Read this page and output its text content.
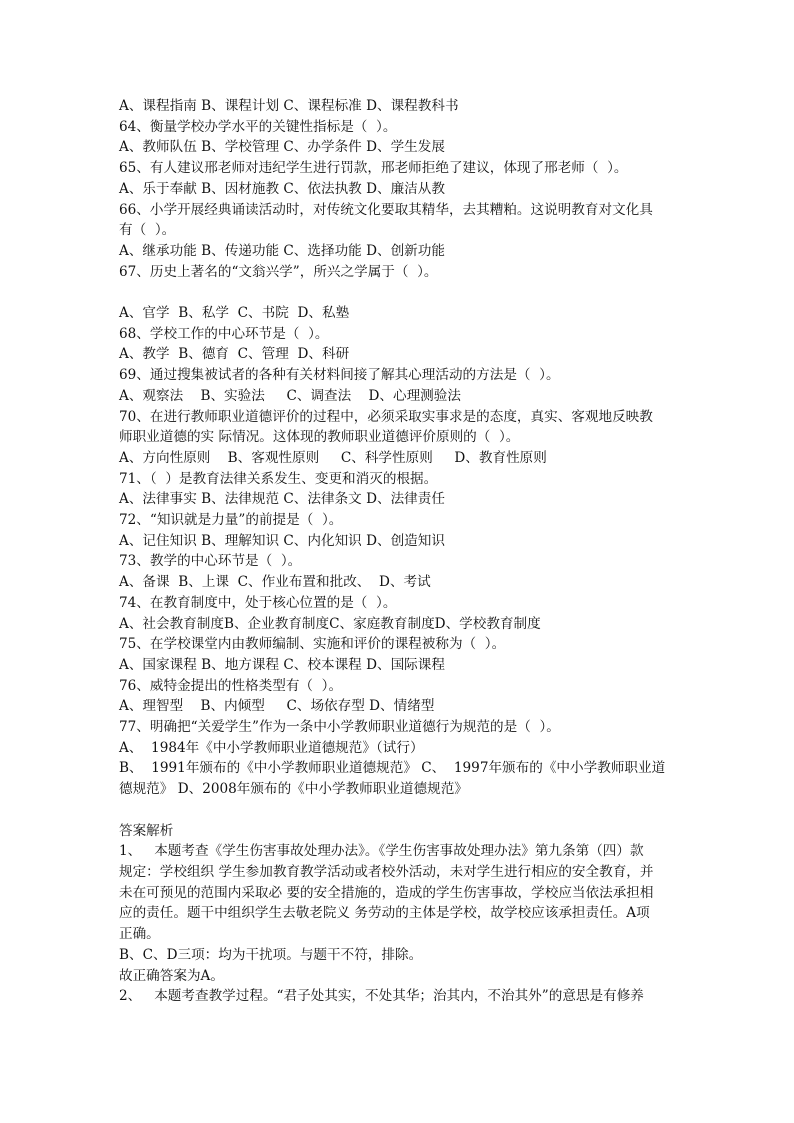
A、课程指南 B、课程计划 C、课程标准 D、课程教科书

64、衡量学校办学水平的关键性指标是（  ）。

A、教师队伍 B、学校管理 C、办学条件 D、学生发展

65、有人建议邢老师对违纪学生进行罚款，邢老师拒绝了建议，体现了邢老师（  ）。

A、乐于奉献 B、因材施教 C、依法执教 D、廉洁从教

66、小学开展经典诵读活动时，对传统文化要取其精华，去其糟粕。这说明教育对文化具

有（  ）。

A、继承功能 B、传递功能 C、选择功能 D、创新功能

67、历史上著名的“文翁兴学”，所兴之学属于（  ）。

A、官学  B、私学  C、书院  D、私塾

68、学校工作的中心环节是（  ）。

A、教学  B、德育  C、管理  D、科研

69、通过搜集被试者的各种有关材料间接了解其心理活动的方法是（  ）。

A、观察法    B、实验法     C、调查法    D、心理测验法

70、在进行教师职业道德评价的过程中，必须采取实事求是的态度，真实、客观地反映教

师职业道德的实 际情况。这体现的教师职业道德评价原则的（  ）。

A、方向性原则    B、客观性原则     C、科学性原则     D、教育性原则

71、（  ）是教育法律关系发生、变更和消灭的根据。

A、法律事实 B、法律规范 C、法律条文 D、法律责任

72、“知识就是力量”的前提是（  ）。

A、记住知识 B、理解知识 C、内化知识 D、创造知识

73、教学的中心环节是（  ）。

A、备课  B、上课  C、作业布置和批改、  D、考试

74、在教育制度中，处于核心位置的是（  ）。

A、社会教育制度B、企业教育制度C、家庭教育制度D、学校教育制度

75、在学校课堂内由教师编制、实施和评价的课程被称为（  ）。

A、国家课程 B、地方课程 C、校本课程 D、国际课程

76、威特金提出的性格类型有（  ）。

A、理智型    B、内倾型     C、场依存型 D、情绪型

77、明确把“关爱学生”作为一条中小学教师职业道德行为规范的是（  ）。

A、  1984年《中小学教师职业道德规范》（试行）

B、  1991年颁布的《中小学教师职业道德规范》 C、  1997年颁布的《中小学教师职业道

德规范》 D、2008年颁布的《中小学教师职业道德规范》

答案解析

1、   本题考查《学生伤害事故处理办法》。《学生伤害事故处理办法》第九条第（四）款

规定：学校组织 学生参加教育教学活动或者校外活动，未对学生进行相应的安全教育，并

未在可预见的范围内采取必 要的安全措施的，造成的学生伤害事故，学校应当依法承担相

应的责任。题干中组织学生去敬老院义 务劳动的主体是学校，故学校应该承担责任。A项

正确。

B、C、D三项：均为干扰项。与题干不符，排除。

故正确答案为A。

2、   本题考查教学过程。“君子处其实，不处其华；治其内，不治其外”的意思是有修养
